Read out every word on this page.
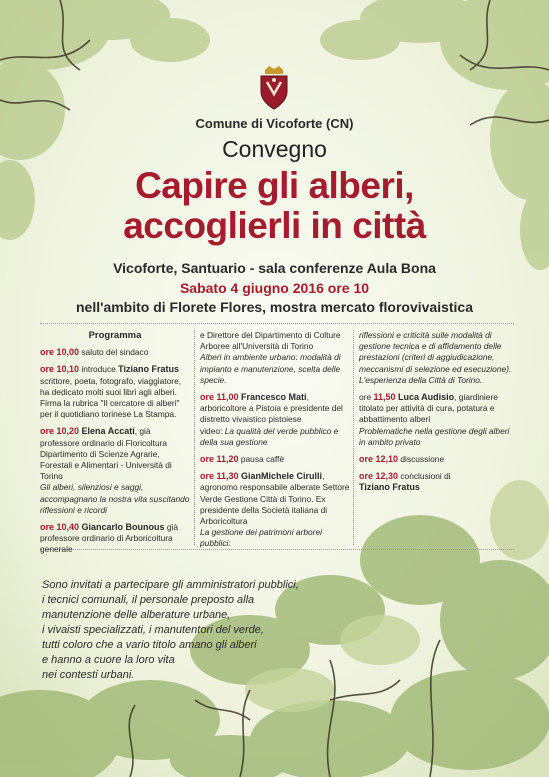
Comune di Vicoforte (CN)
Convegno
Capire gli alberi,
accoglierli in città
Vicoforte, Santuario - sala conferenze Aula Bona
Sabato 4 giugno 2016 ore 10
nell'ambito di Florete Flores, mostra mercato florovivaistica
Programma
ore 10,00 saluto del sindaco
ore 10,10 introduce Tiziano Fratus scrittore, poeta, fotografo, viaggiatore, ha dedicato molti suoi libri agli alberi. Firma la rubrica "Il cercatore di alberi" per il quotidiano torinese La Stampa.
ore 10,20 Elena Accati, già professore ordinario di Floricoltura Dipartimento di Scienze Agrarie, Forestali e Alimentari - Università di Torino
Gli alberi, silenziosi e saggi, accompagnano la nostra vita suscitando riflessioni e ricordi
ore 10,40 Giancarlo Bounous già professore ordinario di Arboricoltura generale
e Direttore del Dipartimento di Colture Arboree all'Università di Torino
Alberi in ambiente urbano: modalità di impianto e manutenzione, scelta delle specie.
ore 11,00 Francesco Mati, arboricoltore a Pistoia e presidente del distretto vivaistico pistoiese
video: La qualità del verde pubblico e della sua gestione
ore 11,20 pausa caffè
ore 11,30 GianMichele Cirulli, agronomo responsabile alberate Settore Verde Gestione Città di Torino. Ex presidente della Società italiana di Arboricoltura
La gestione dei patrimoni arborei pubblici:
riflessioni e criticità sulle modalità di gestione tecnica e di affidamento delle prestazioni (criteri di aggiudicazione, meccanismi di selezione ed esecuzione). L'esperienza della Città di Torino.
ore 11,50 Luca Audisio, giardiniere titolato per attività di cura, potatura e abbattimento alberi
Problematiche nella gestione degli alberi in ambito privato
ore 12,10 discussione
ore 12,30 conclusioni di
Tiziano Fratus
Sono invitati a partecipare gli amministratori pubblici,
i tecnici comunali, il personale preposto alla
manutenzione delle alberature urbane,
i vivaisti specializzati, i manutentori del verde,
tutti coloro che a vario titolo amano gli alberi
e hanno a cuore la loro vita
nei contesti urbani.
